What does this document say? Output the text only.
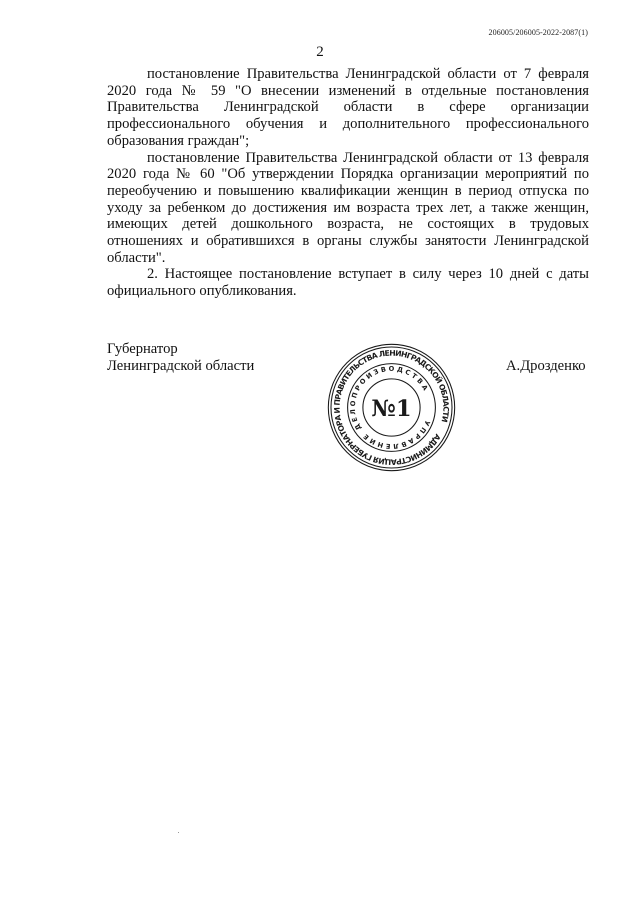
206005/206005-2022-2087(1)
2

постановление Правительства Ленинградской области от 7 февраля 2020 года № 59 "О внесении изменений в отдельные постановления Правительства Ленинградской области в сфере организации профессионального обучения и дополнительного профессионального образования граждан";

постановление Правительства Ленинградской области от 13 февраля 2020 года № 60 "Об утверждении Порядка организации мероприятий по переобучению и повышению квалификации женщин в период отпуска по уходу за ребенком до достижения им возраста трех лет, а также женщин, имеющих детей дошкольного возраста, не состоящих в трудовых отношениях и обратившихся в органы службы занятости Ленинградской области".

2. Настоящее постановление вступает в силу через 10 дней с даты официального опубликования.

Губернатор
Ленинградской области	А.Дрозденко
АДМИНИСТРАЦИЯ ГУБЕРНАТОРА И ПРАВИТЕЛЬСТВА ЛЕНИНГРАДСКОЙ ОБЛАСТИ
УПРАВЛЕНИЕ ДЕЛОПРОИЗВОДСТВА
№1
